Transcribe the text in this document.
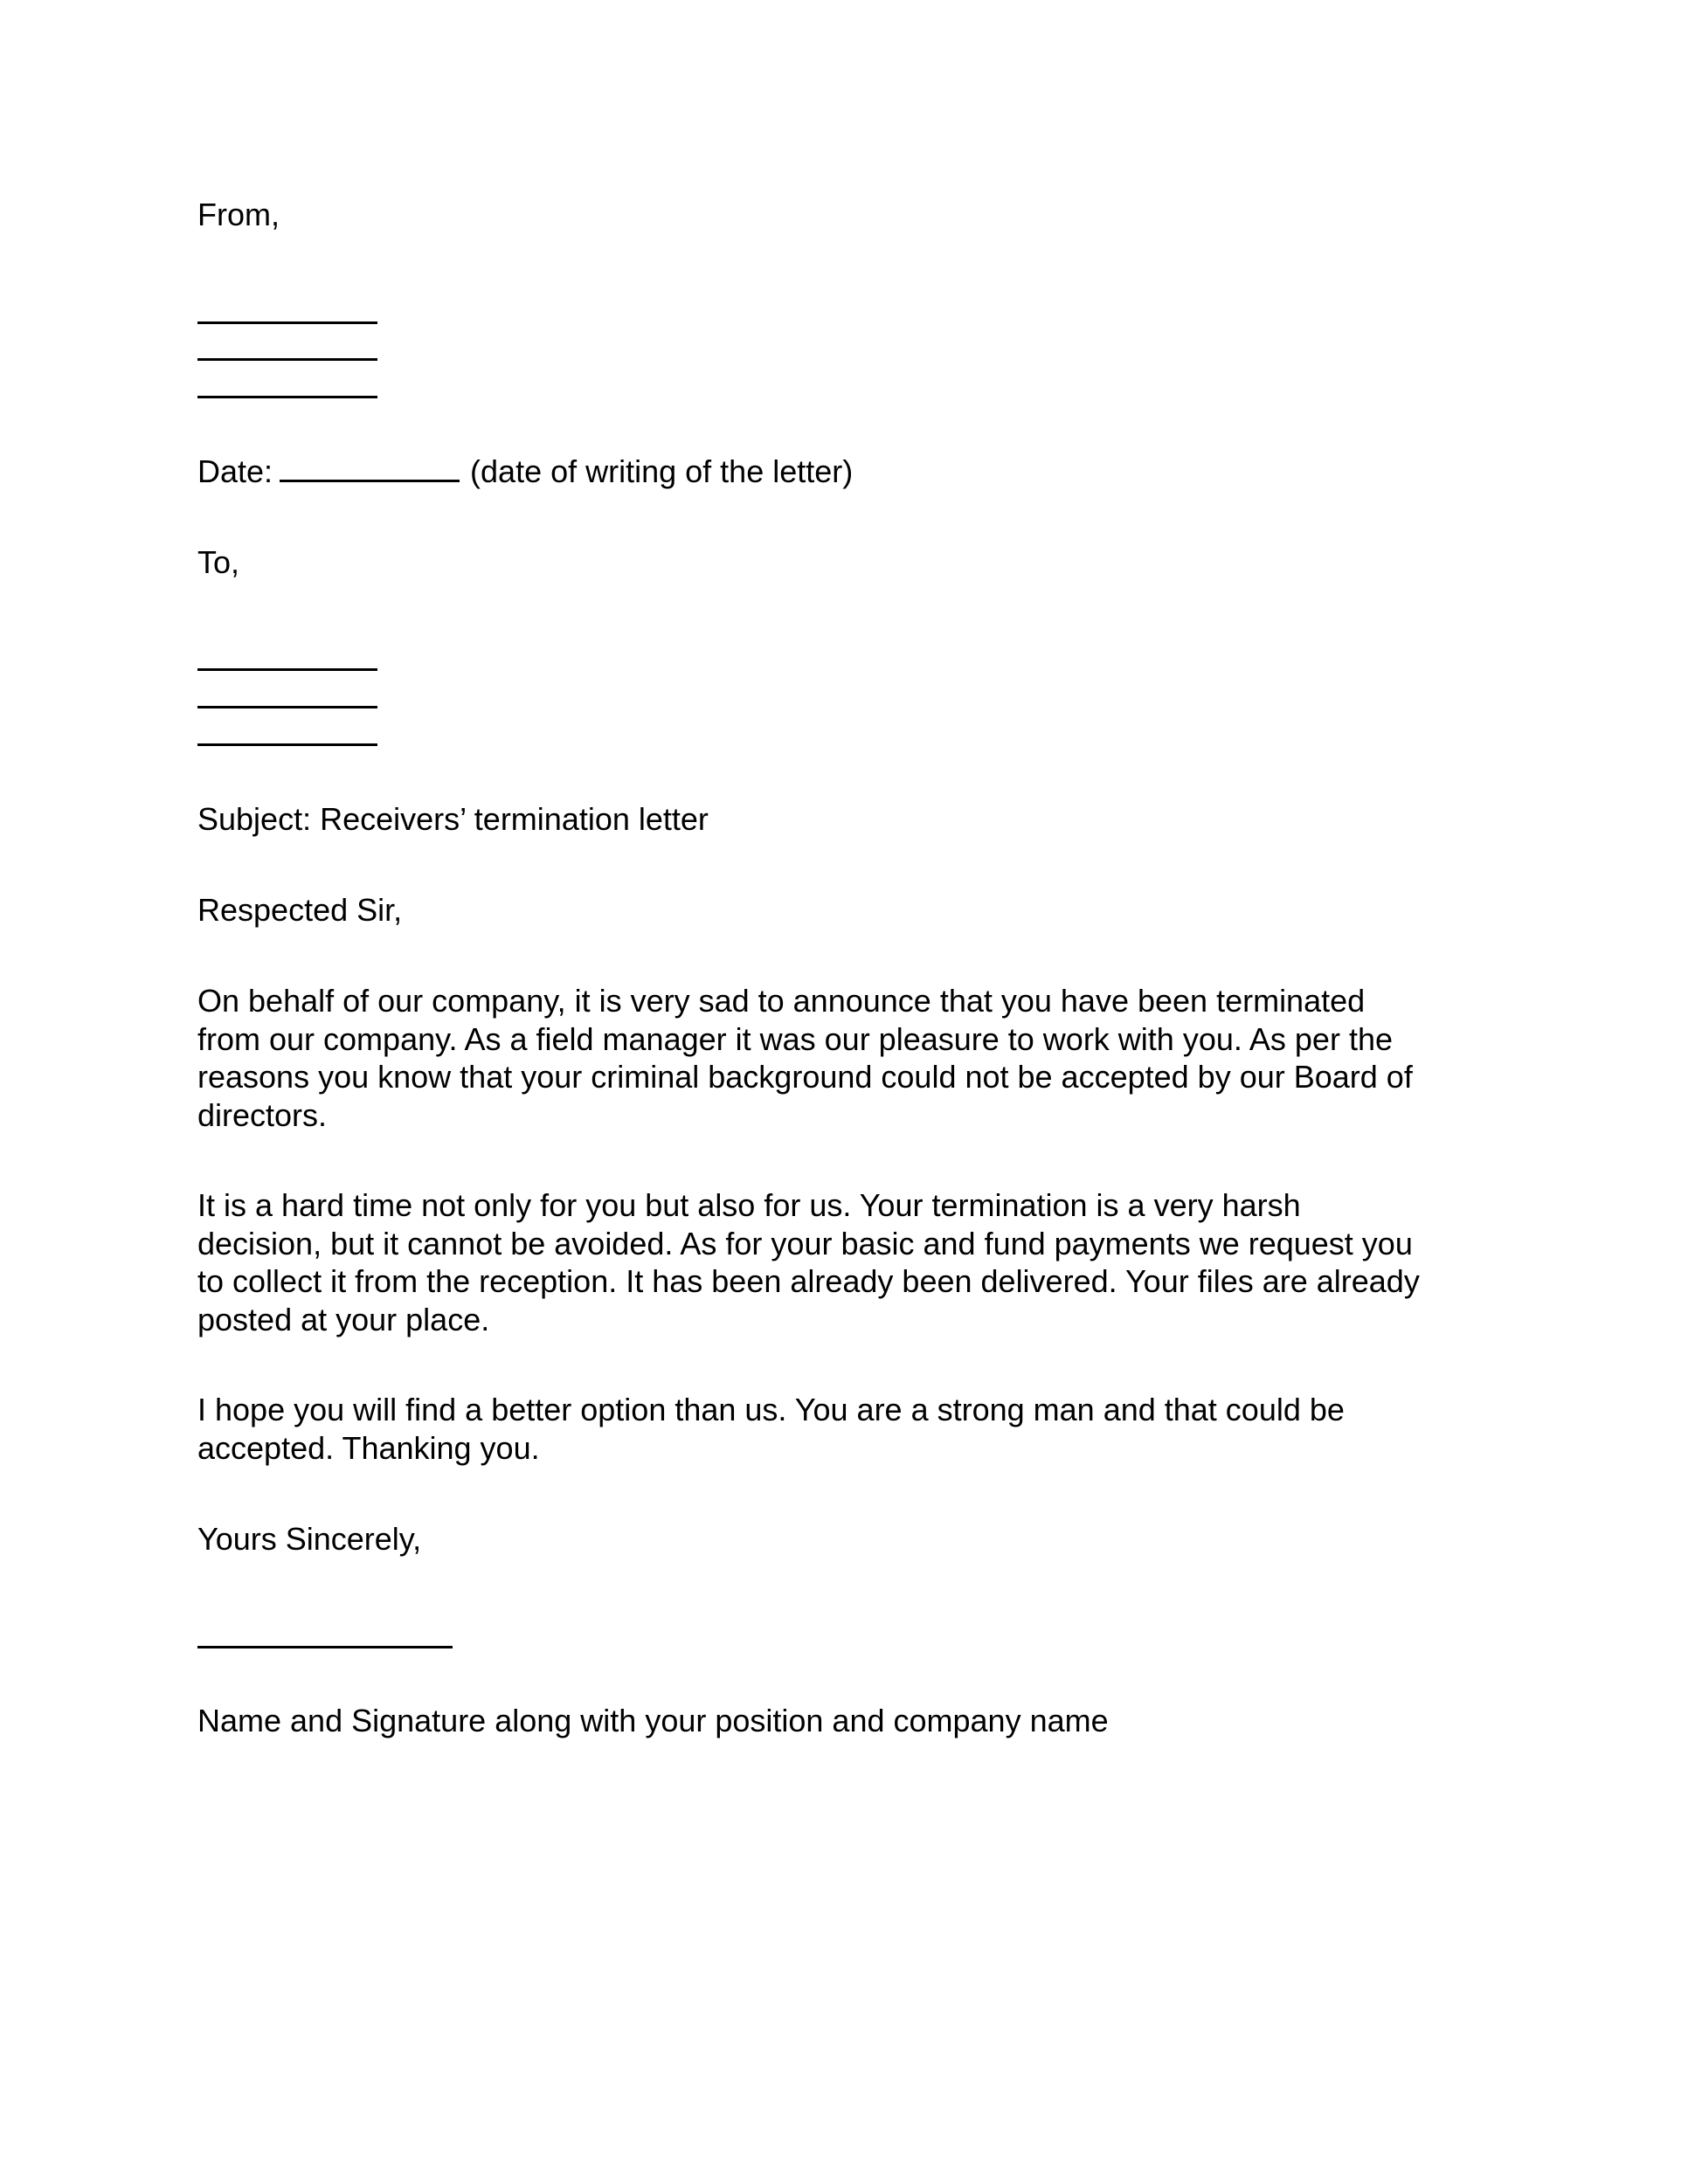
From,
Date:	(date of writing of the letter)
To,
Subject: Receivers’ termination letter
Respected Sir,
On behalf of our company, it is very sad to announce that you have been terminated
from our company. As a field manager it was our pleasure to work with you. As per the
reasons you know that your criminal background could not be accepted by our Board of
directors.
It is a hard time not only for you but also for us. Your termination is a very harsh
decision, but it cannot be avoided. As for your basic and fund payments we request you
to collect it from the reception. It has been already been delivered. Your files are already
posted at your place.
I hope you will find a better option than us. You are a strong man and that could be
accepted. Thanking you.
Yours Sincerely,
Name and Signature along with your position and company name
